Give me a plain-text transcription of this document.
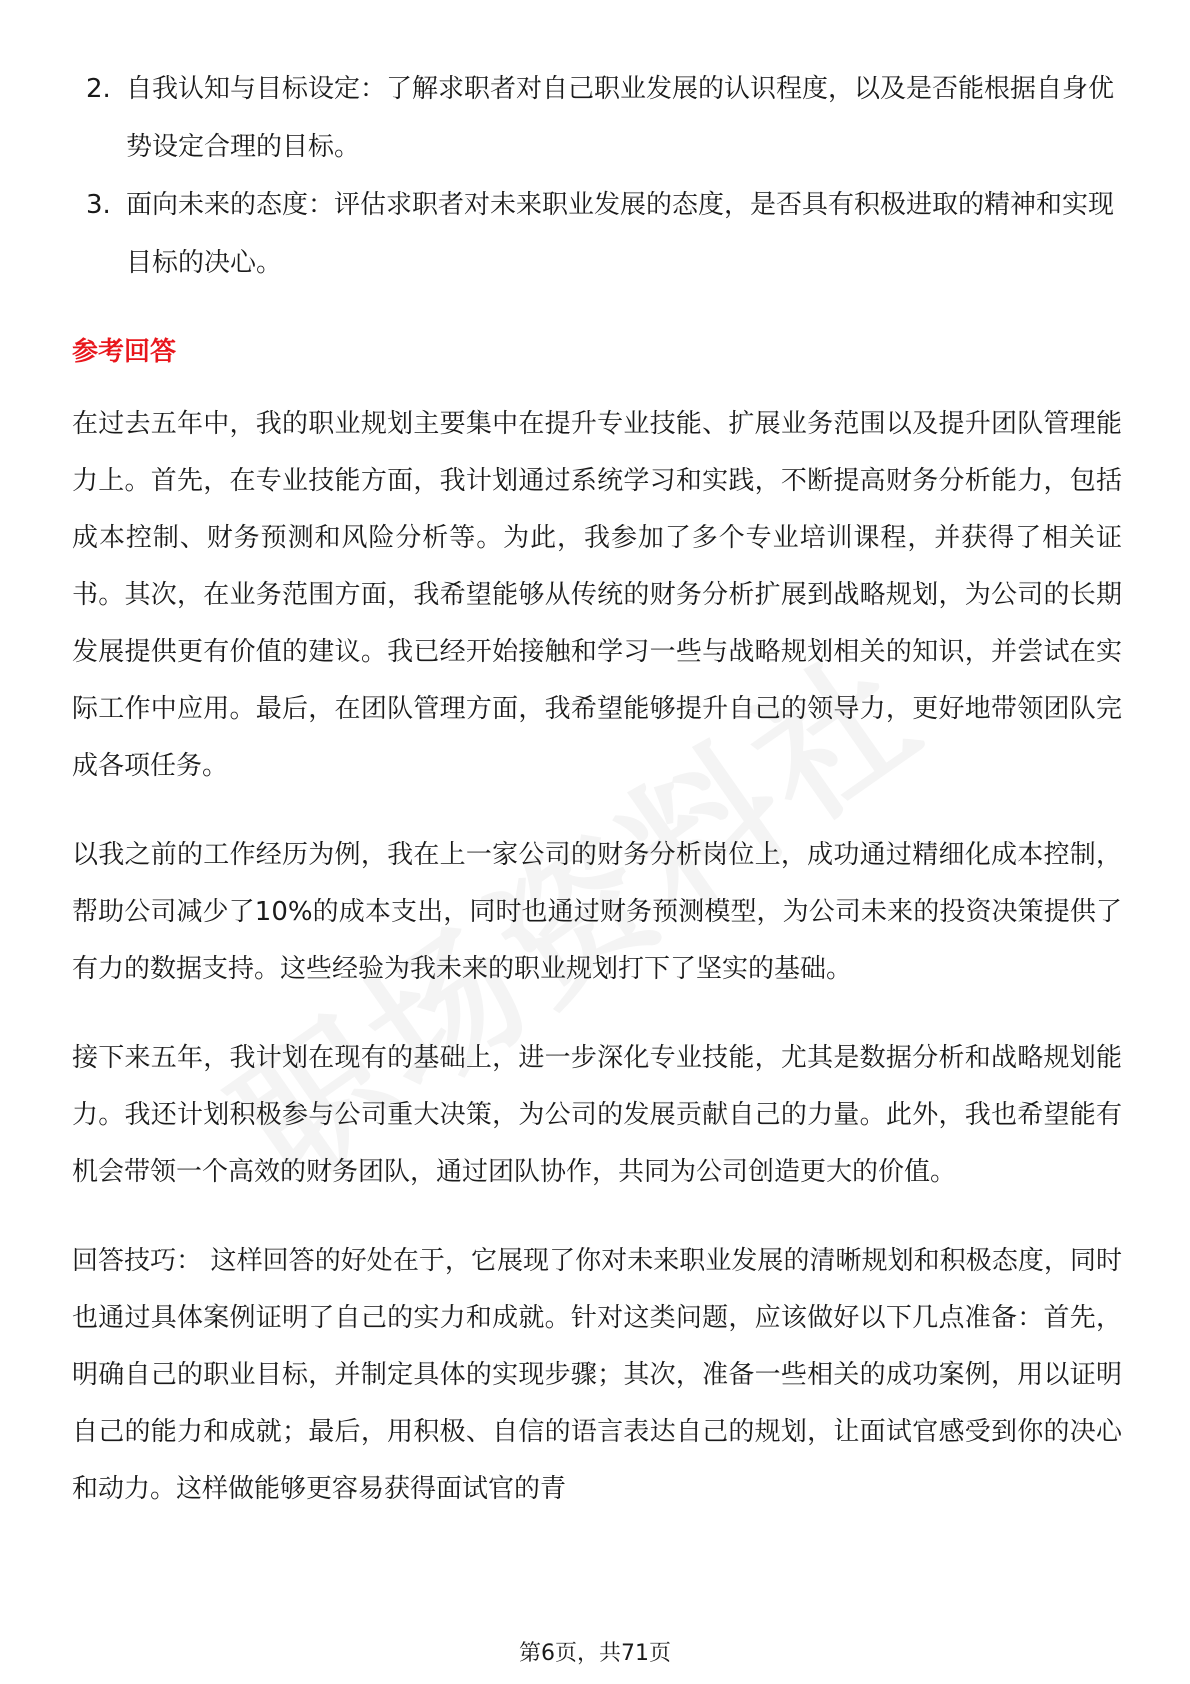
2. 自我认知与目标设定：了解求职者对自己职业发展的认识程度，以及是否能根据自身优势设定合理的目标。
3. 面向未来的态度：评估求职者对未来职业发展的态度，是否具有积极进取的精神和实现目标的决心。
参考回答

在过去五年中，我的职业规划主要集中在提升专业技能、扩展业务范围以及提升团队管理能力上。首先，在专业技能方面，我计划通过系统学习和实践，不断提高财务分析能力，包括成本控制、财务预测和风险分析等。为此，我参加了多个专业培训课程，并获得了相关证书。其次，在业务范围方面，我希望能够从传统的财务分析扩展到战略规划，为公司的长期发展提供更有价值的建议。我已经开始接触和学习一些与战略规划相关的知识，并尝试在实际工作中应用。最后，在团队管理方面，我希望能够提升自己的领导力，更好地带领团队完成各项任务。

以我之前的工作经历为例，我在上一家公司的财务分析岗位上，成功通过精细化成本控制，帮助公司减少了10%的成本支出，同时也通过财务预测模型，为公司未来的投资决策提供了有力的数据支持。这些经验为我未来的职业规划打下了坚实的基础。

接下来五年，我计划在现有的基础上，进一步深化专业技能，尤其是数据分析和战略规划能力。我还计划积极参与公司重大决策，为公司的发展贡献自己的力量。此外，我也希望能有机会带领一个高效的财务团队，通过团队协作，共同为公司创造更大的价值。

回答技巧： 这样回答的好处在于，它展现了你对未来职业发展的清晰规划和积极态度，同时也通过具体案例证明了自己的实力和成就。针对这类问题，应该做好以下几点准备：首先，明确自己的职业目标，并制定具体的实现步骤；其次，准备一些相关的成功案例，用以证明自己的能力和成就；最后，用积极、自信的语言表达自己的规划，让面试官感受到你的决心和动力。这样做能够更容易获得面试官的青

第6页，共71页
